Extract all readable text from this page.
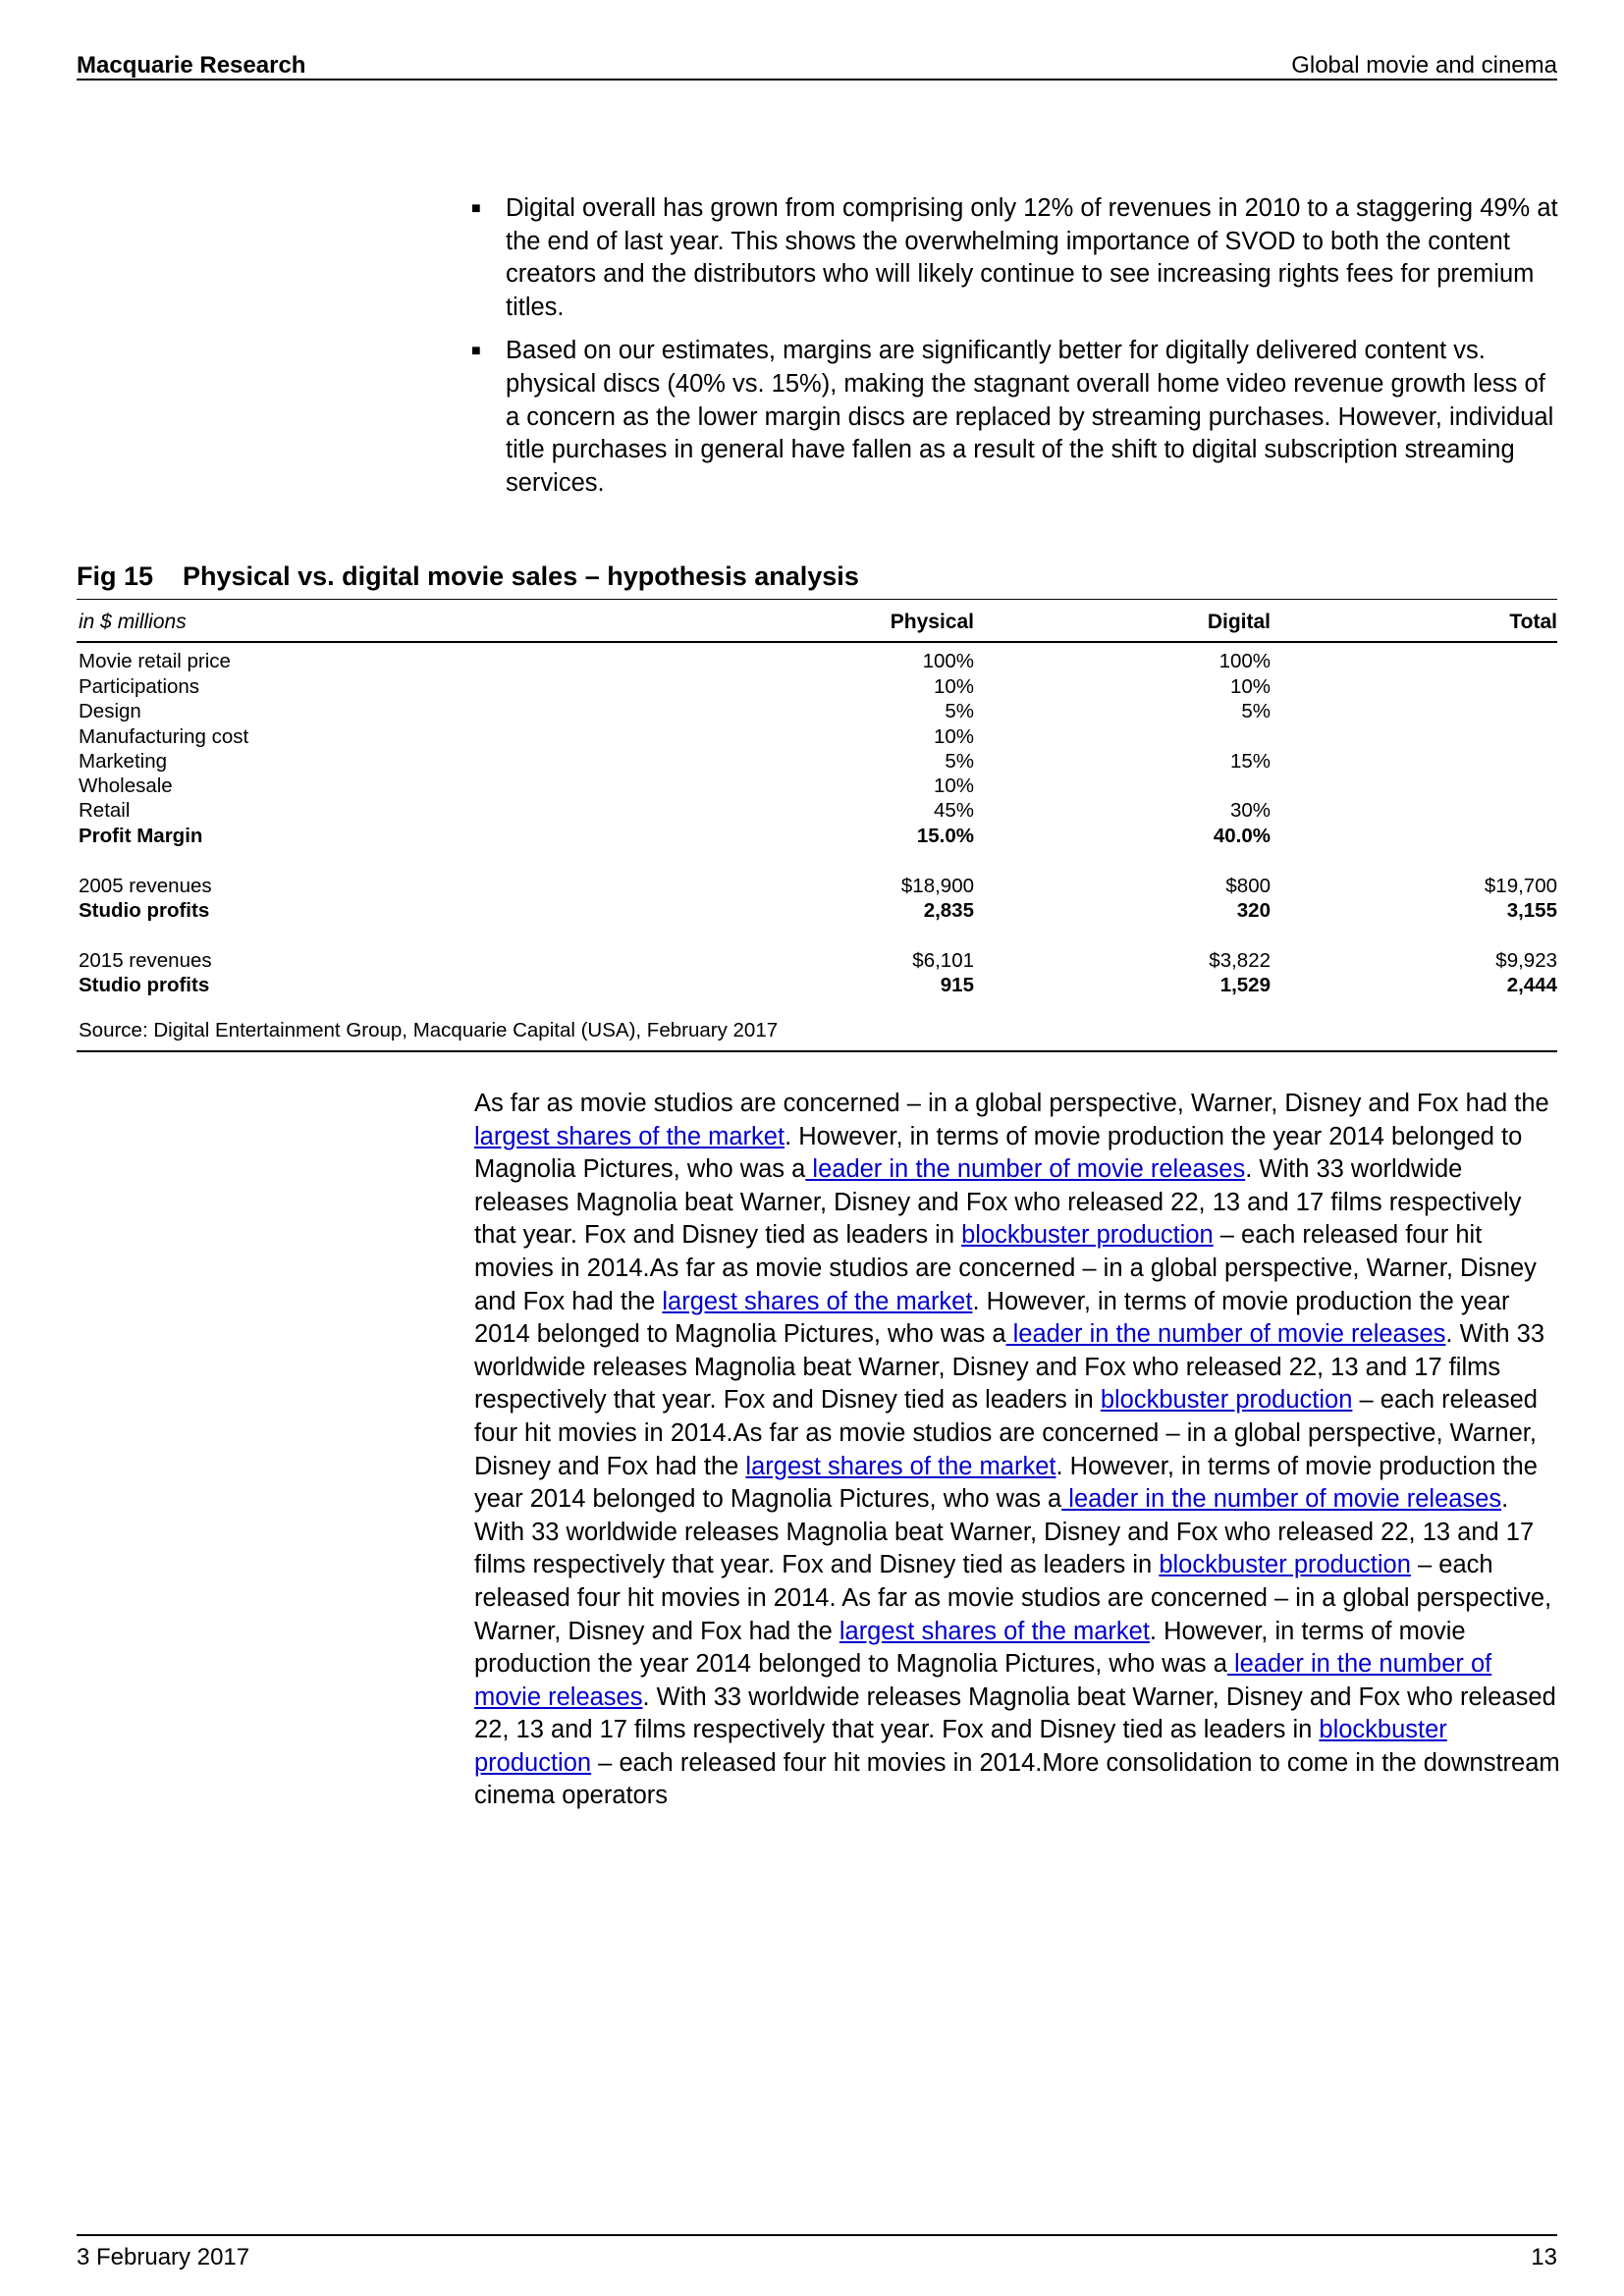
Macquarie Research	Global movie and cinema
■ Digital overall has grown from comprising only 12% of revenues in 2010 to a staggering 49% at the end of last year. This shows the overwhelming importance of SVOD to both the content creators and the distributors who will likely continue to see increasing rights fees for premium titles.
■ Based on our estimates, margins are significantly better for digitally delivered content vs. physical discs (40% vs. 15%), making the stagnant overall home video revenue growth less of a concern as the lower margin discs are replaced by streaming purchases. However, individual title purchases in general have fallen as a result of the shift to digital subscription streaming services.
Fig 15 Physical vs. digital movie sales – hypothesis analysis
in $ millions	Physical	Digital	Total
Movie retail price	100%	100%
Participations	10%	10%
Design	5%	5%
Manufacturing cost	10%
Marketing	5%	15%
Wholesale	10%
Retail	45%	30%
Profit Margin	15.0%	40.0%
2005 revenues	$18,900	$800	$19,700
Studio profits	2,835	320	3,155
2015 revenues	$6,101	$3,822	$9,923
Studio profits	915	1,529	2,444
Source: Digital Entertainment Group, Macquarie Capital (USA), February 2017
As far as movie studios are concerned – in a global perspective, Warner, Disney and Fox had the largest shares of the market. However, in terms of movie production the year 2014 belonged to Magnolia Pictures, who was a leader in the number of movie releases. With 33 worldwide releases Magnolia beat Warner, Disney and Fox who released 22, 13 and 17 films respectively that year. Fox and Disney tied as leaders in blockbuster production – each released four hit movies in 2014.As far as movie studios are concerned – in a global perspective, Warner, Disney and Fox had the largest shares of the market. However, in terms of movie production the year 2014 belonged to Magnolia Pictures, who was a leader in the number of movie releases. With 33 worldwide releases Magnolia beat Warner, Disney and Fox who released 22, 13 and 17 films respectively that year. Fox and Disney tied as leaders in blockbuster production – each released four hit movies in 2014.As far as movie studios are concerned – in a global perspective, Warner, Disney and Fox had the largest shares of the market. However, in terms of movie production the year 2014 belonged to Magnolia Pictures, who was a leader in the number of movie releases. With 33 worldwide releases Magnolia beat Warner, Disney and Fox who released 22, 13 and 17 films respectively that year. Fox and Disney tied as leaders in blockbuster production – each released four hit movies in 2014. As far as movie studios are concerned – in a global perspective, Warner, Disney and Fox had the largest shares of the market. However, in terms of movie production the year 2014 belonged to Magnolia Pictures, who was a leader in the number of movie releases. With 33 worldwide releases Magnolia beat Warner, Disney and Fox who released 22, 13 and 17 films respectively that year. Fox and Disney tied as leaders in blockbuster production – each released four hit movies in 2014.More consolidation to come in the downstream cinema operators
3 February 2017	13
